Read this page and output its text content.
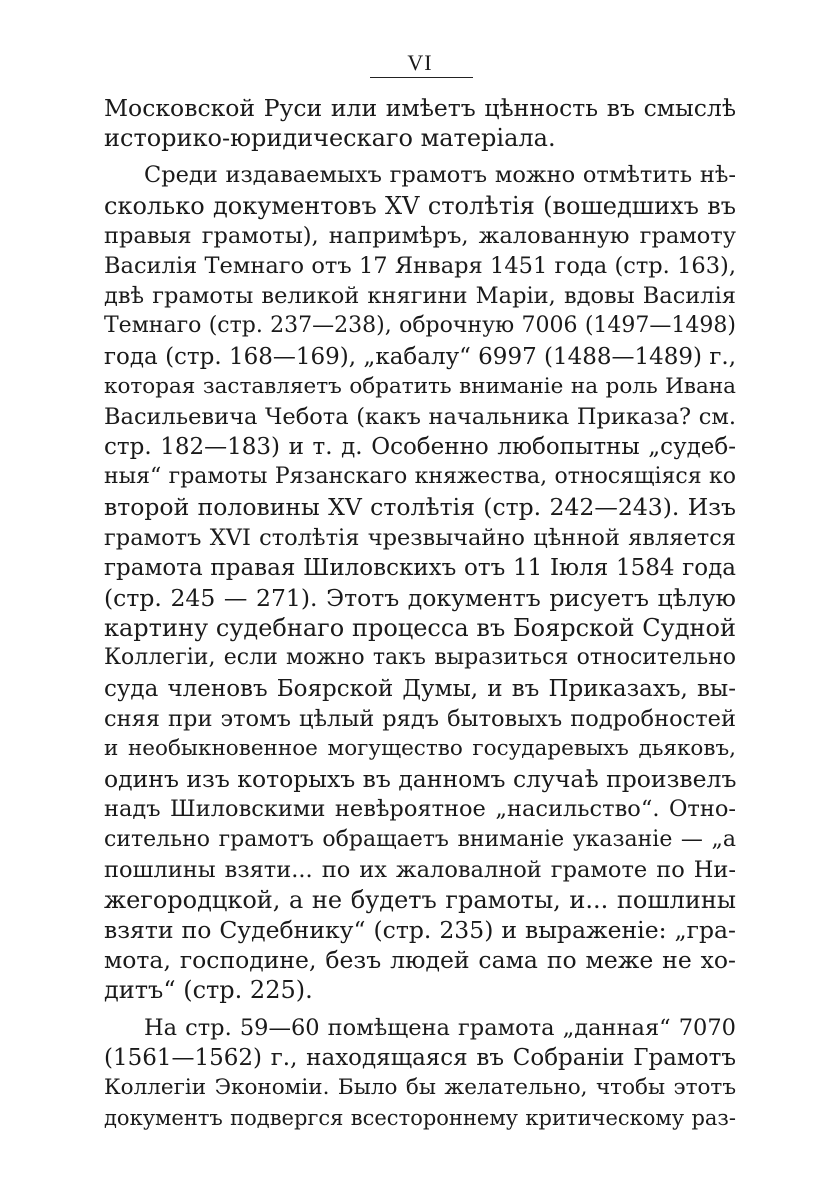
VI
Московской Руси или имѣетъ цѣнность въ смыслѣ
историко-юридическаго матеріала.
Среди издаваемыхъ грамотъ можно отмѣтить нѣ-
сколько документовъ XV столѣтія (вошедшихъ въ
правыя грамоты), напримѣръ, жалованную грамоту
Василія Темнаго отъ 17 Января 1451 года (стр. 163),
двѣ грамоты великой княгини Маріи, вдовы Василія
Темнаго (стр. 237—238), оброчную 7006 (1497—1498)
года (стр. 168—169), „кабалу“ 6997 (1488—1489) г.,
которая заставляетъ обратить вниманіе на роль Ивана
Васильевича Чебота (какъ начальника Приказа? см.
стр. 182—183) и т. д. Особенно любопытны „судеб-
ныя“ грамоты Рязанскаго княжества, относящіяся ко
второй половины XV столѣтія (стр. 242—243). Изъ
грамотъ XVI столѣтія чрезвычайно цѣнной является
грамота правая Шиловскихъ отъ 11 Іюля 1584 года
(стр. 245 — 271). Этотъ документъ рисуетъ цѣлую
картину судебнаго процесса въ Боярской Судной
Коллегіи, если можно такъ выразиться относительно
суда членовъ Боярской Думы, и въ Приказахъ, вы-
сняя при этомъ цѣлый рядъ бытовыхъ подробностей
и необыкновенное могущество государевыхъ дьяковъ,
одинъ изъ которыхъ въ данномъ случаѣ произвелъ
надъ Шиловскими невѣроятное „насильство“. Отно-
сительно грамотъ обращаетъ вниманіе указаніе — „а
пошлины взяти... по их жаловалной грамоте по Ни-
жегородцкой, а не будетъ грамоты, и... пошлины
взяти по Судебнику“ (стр. 235) и выраженіе: „гра-
мота, господине, безъ людей сама по меже не хо-
дитъ“ (стр. 225).
На стр. 59—60 помѣщена грамота „данная“ 7070
(1561—1562) г., находящаяся въ Собраніи Грамотъ
Коллегіи Экономіи. Было бы желательно, чтобы этотъ
документъ подвергся всестороннему критическому раз-
